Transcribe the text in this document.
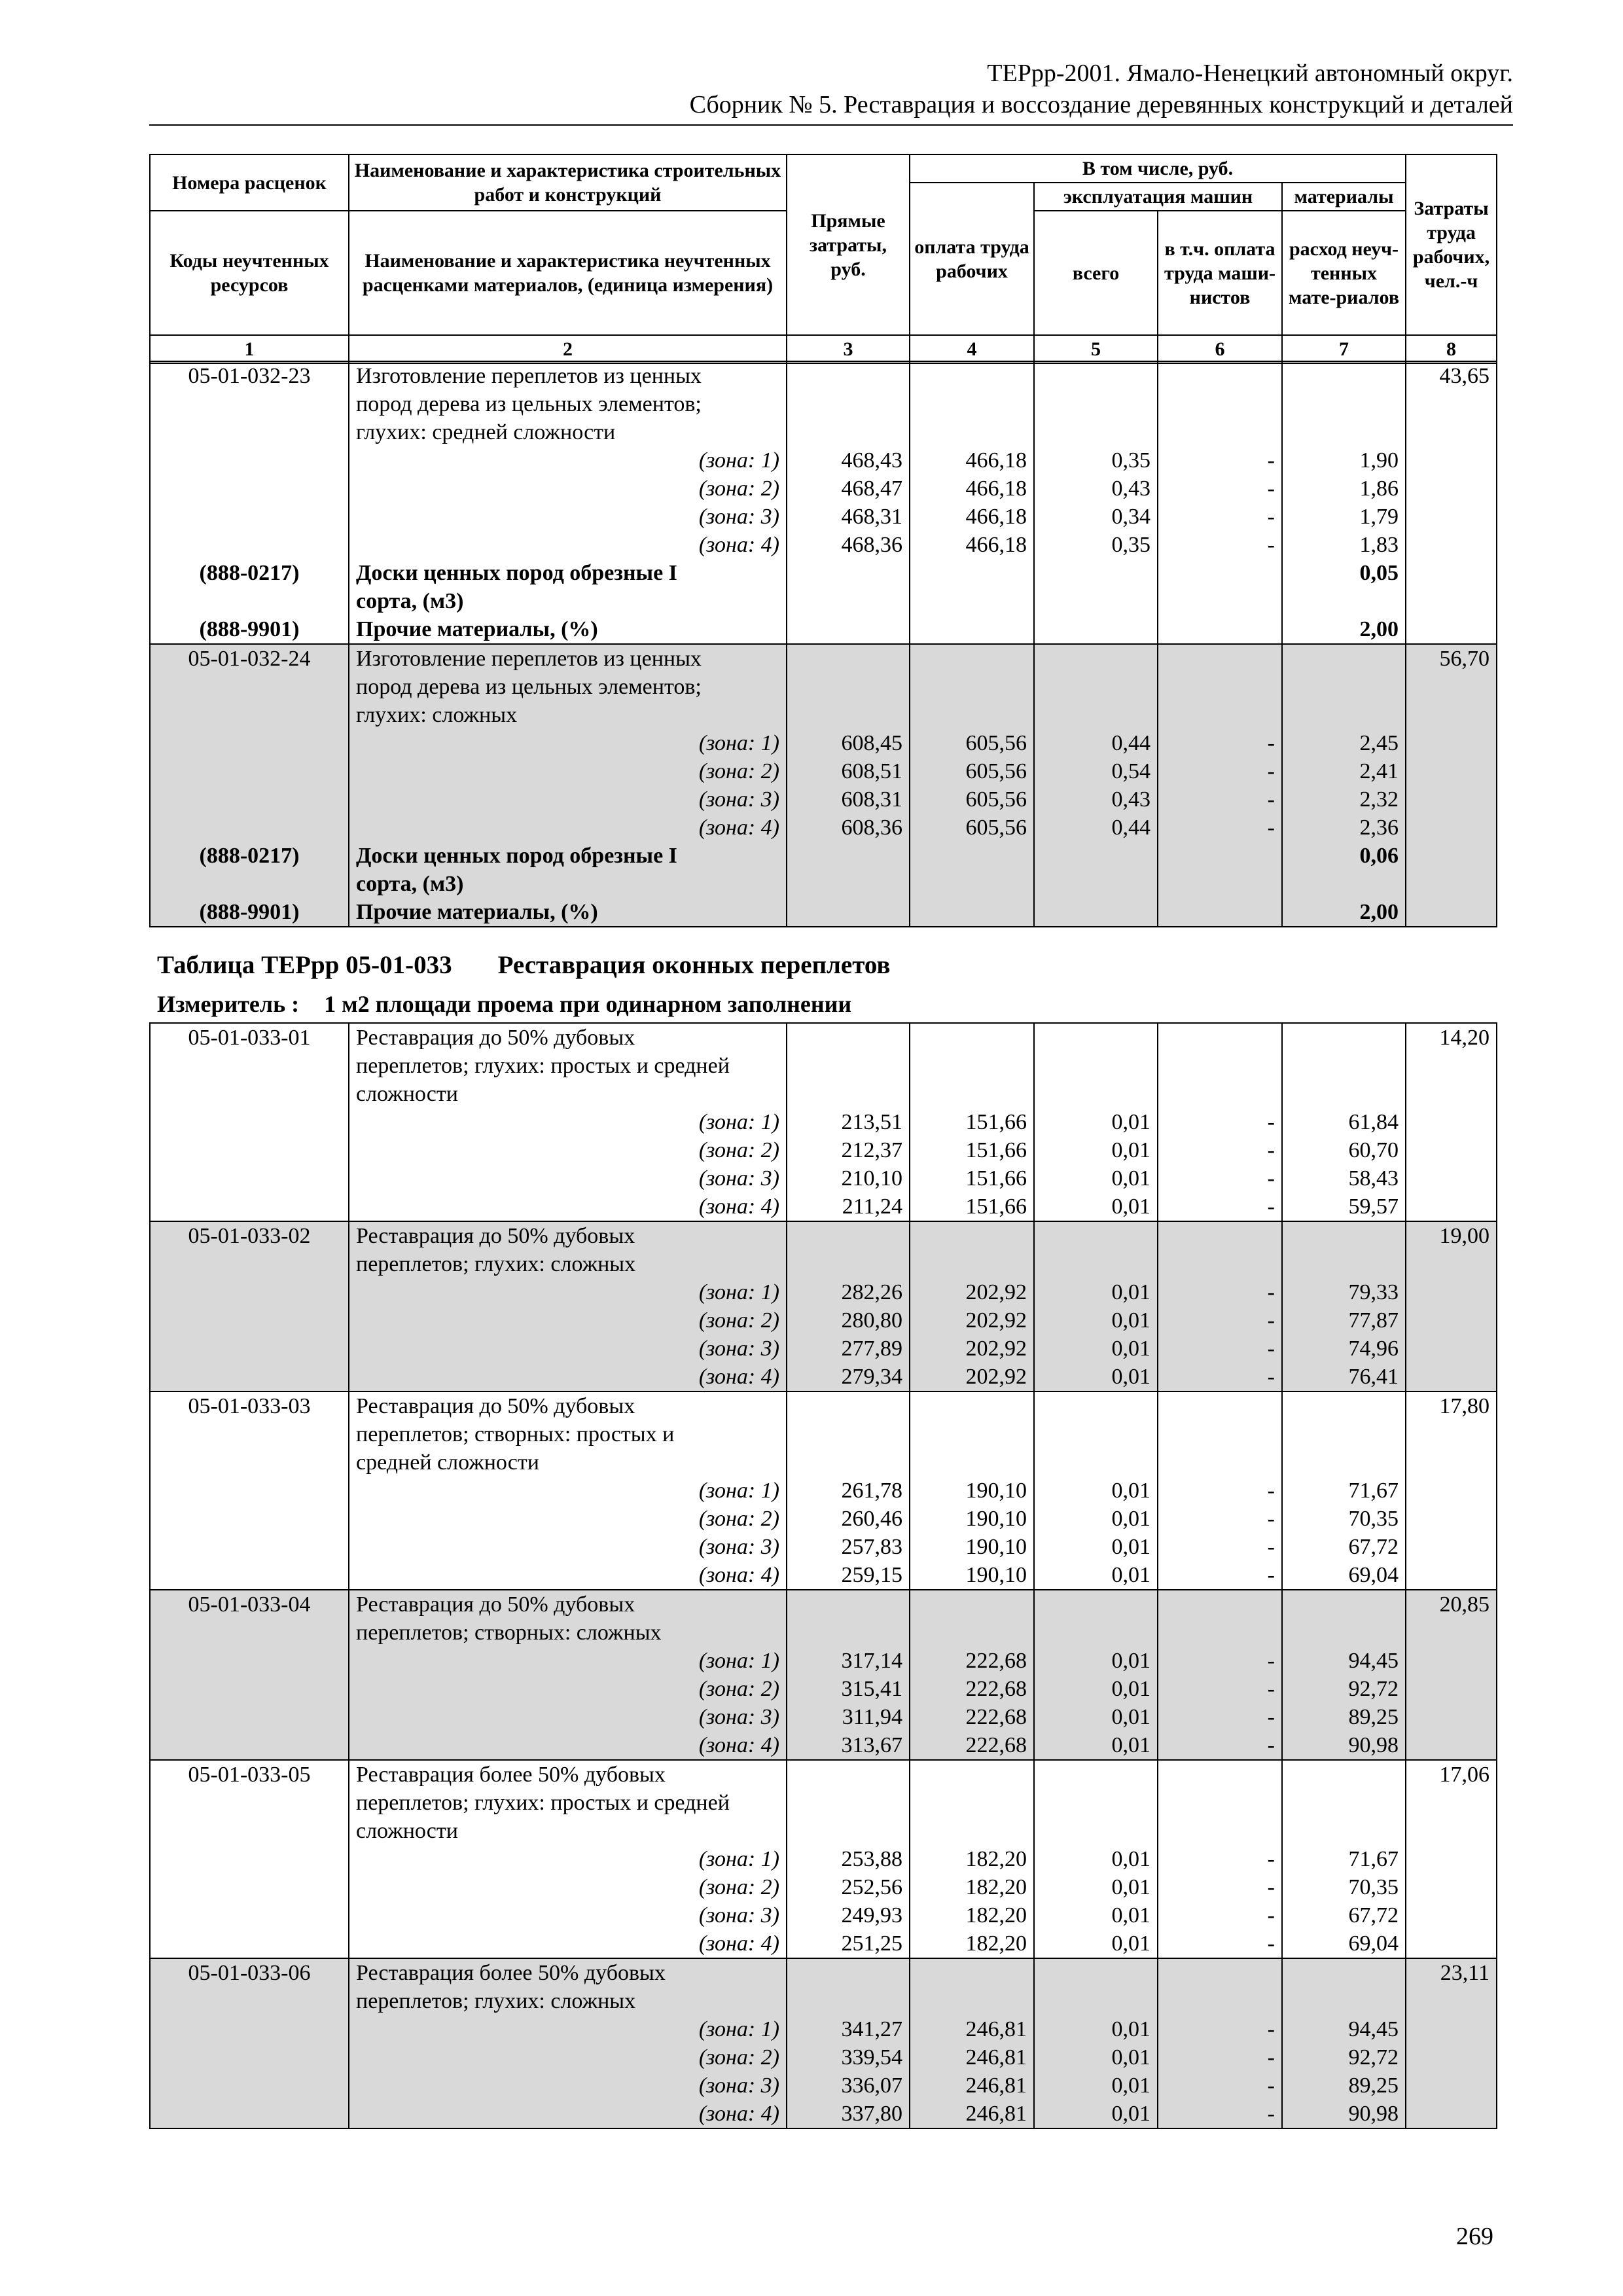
ТЕРрр-2001. Ямало-Ненецкий автономный округ.
Сборник № 5. Реставрация и воссоздание деревянных конструкций и деталей
Номера расценок	Наименование и характеристика строительных работ и конструкций	Прямые затраты, руб.	В том числе, руб.				Затраты труда рабочих, чел.-ч
			оплата труда рабочих	эксплуатация машин		материалы	
Коды неучтенных ресурсов	Наименование и характеристика неучтенных расценками материалов, (единица измерения)			всего	в т.ч. оплата труда маши-нистов	расход неуч-тенных мате-риалов	

1	2	3	4	5	6	7	8
05-01-032-23	Изготовление переплетов из ценных
пород дерева из цельных элементов;
глухих: средней сложности						43,65
	(зона: 1)	468,43	466,18	0,35	-	1,90	
	(зона: 2)	468,47	466,18	0,43	-	1,86	
	(зона: 3)	468,31	466,18	0,34	-	1,79	
	(зона: 4)	468,36	466,18	0,35	-	1,83	
(888-0217)	Доски ценных пород обрезные I
сорта, (м3)					0,05	
(888-9901)	Прочие материалы, (%)					2,00	
05-01-032-24	Изготовление переплетов из ценных
пород дерева из цельных элементов;
глухих: сложных						56,70
	(зона: 1)	608,45	605,56	0,44	-	2,45	
	(зона: 2)	608,51	605,56	0,54	-	2,41	
	(зона: 3)	608,31	605,56	0,43	-	2,32	
	(зона: 4)	608,36	605,56	0,44	-	2,36	
(888-0217)	Доски ценных пород обрезные I
сорта, (м3)					0,06	
(888-9901)	Прочие материалы, (%)					2,00	
Таблица ТЕРрр 05-01-033 Реставрация оконных переплетов
Измеритель : 1 м2 площади проема при одинарном заполнении
05-01-033-01	Реставрация до 50% дубовых
переплетов; глухих: простых и средней
сложности						14,20
	(зона: 1)	213,51	151,66	0,01	-	61,84	
	(зона: 2)	212,37	151,66	0,01	-	60,70	
	(зона: 3)	210,10	151,66	0,01	-	58,43	
	(зона: 4)	211,24	151,66	0,01	-	59,57	
05-01-033-02	Реставрация до 50% дубовых
переплетов; глухих: сложных						19,00
	(зона: 1)	282,26	202,92	0,01	-	79,33	
	(зона: 2)	280,80	202,92	0,01	-	77,87	
	(зона: 3)	277,89	202,92	0,01	-	74,96	
	(зона: 4)	279,34	202,92	0,01	-	76,41	
05-01-033-03	Реставрация до 50% дубовых
переплетов; створных: простых и
средней сложности						17,80
	(зона: 1)	261,78	190,10	0,01	-	71,67	
	(зона: 2)	260,46	190,10	0,01	-	70,35	
	(зона: 3)	257,83	190,10	0,01	-	67,72	
	(зона: 4)	259,15	190,10	0,01	-	69,04	
05-01-033-04	Реставрация до 50% дубовых
переплетов; створных: сложных						20,85
	(зона: 1)	317,14	222,68	0,01	-	94,45	
	(зона: 2)	315,41	222,68	0,01	-	92,72	
	(зона: 3)	311,94	222,68	0,01	-	89,25	
	(зона: 4)	313,67	222,68	0,01	-	90,98	
05-01-033-05	Реставрация более 50% дубовых
переплетов; глухих: простых и средней
сложности						17,06
	(зона: 1)	253,88	182,20	0,01	-	71,67	
	(зона: 2)	252,56	182,20	0,01	-	70,35	
	(зона: 3)	249,93	182,20	0,01	-	67,72	
	(зона: 4)	251,25	182,20	0,01	-	69,04	
05-01-033-06	Реставрация более 50% дубовых
переплетов; глухих: сложных						23,11
	(зона: 1)	341,27	246,81	0,01	-	94,45	
	(зона: 2)	339,54	246,81	0,01	-	92,72	
	(зона: 3)	336,07	246,81	0,01	-	89,25	
	(зона: 4)	337,80	246,81	0,01	-	90,98	
269
